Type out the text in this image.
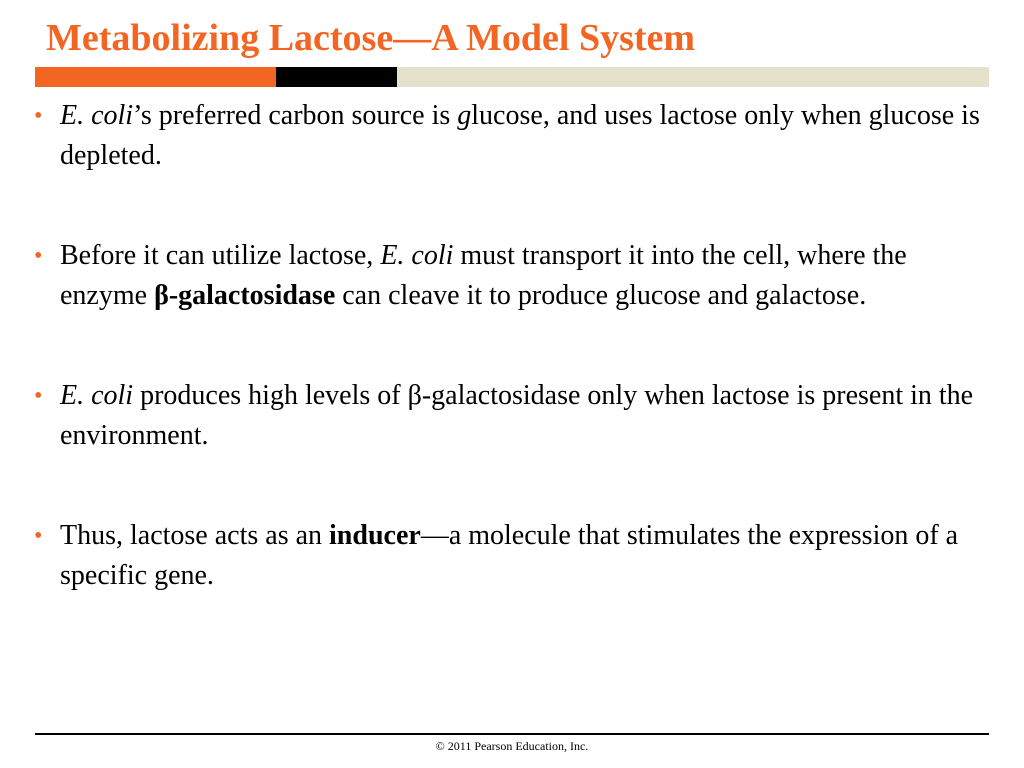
Metabolizing Lactose—A Model System
• E. coli’s preferred carbon source is glucose, and uses lactose only when glucose is depleted.
• Before it can utilize lactose, E. coli must transport it into the cell, where the enzyme β-galactosidase can cleave it to produce glucose and galactose.
• E. coli produces high levels of β-galactosidase only when lactose is present in the environment.
• Thus, lactose acts as an inducer—a molecule that stimulates the expression of a specific gene.
© 2011 Pearson Education, Inc.
